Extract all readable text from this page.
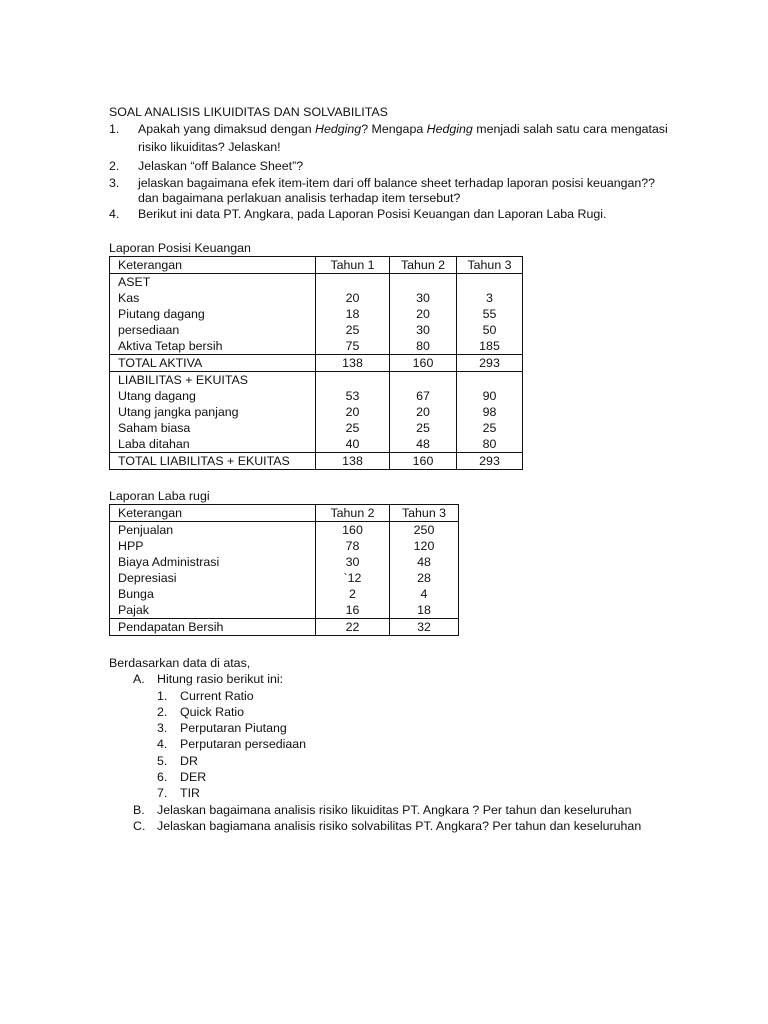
SOAL ANALISIS LIKUIDITAS DAN SOLVABILITAS
1. Apakah yang dimaksud dengan Hedging? Mengapa Hedging menjadi salah satu cara mengatasi
risiko likuiditas? Jelaskan!
2. Jelaskan “off Balance Sheet”?
3. jelaskan bagaimana efek item-item dari off balance sheet terhadap laporan posisi keuangan??
dan bagaimana perlakuan analisis terhadap item tersebut?
4. Berikut ini data PT. Angkara, pada Laporan Posisi Keuangan dan Laporan Laba Rugi.
Laporan Posisi Keuangan
Keterangan	Tahun 1	Tahun 2	Tahun 3
ASET			
Kas	20	30	3
Piutang dagang	18	20	55
persediaan	25	30	50
Aktiva Tetap bersih	75	80	185
TOTAL AKTIVA	138	160	293
LIABILITAS + EKUITAS			
Utang dagang	53	67	90
Utang jangka panjang	20	20	98
Saham biasa	25	25	25
Laba ditahan	40	48	80
TOTAL LIABILITAS + EKUITAS	138	160	293
Laporan Laba rugi
Keterangan	Tahun 2	Tahun 3
Penjualan	160	250
HPP	78	120
Biaya Administrasi	30	48
Depresiasi	`12	28
Bunga	2	4
Pajak	16	18
Pendapatan Bersih	22	32
Berdasarkan data di atas,
A. Hitung rasio berikut ini:
1. Current Ratio
2. Quick Ratio
3. Perputaran Piutang
4. Perputaran persediaan
5. DR
6. DER
7. TIR
B. Jelaskan bagaimana analisis risiko likuiditas PT. Angkara ? Per tahun dan keseluruhan
C. Jelaskan bagiamana analisis risiko solvabilitas PT. Angkara? Per tahun dan keseluruhan
